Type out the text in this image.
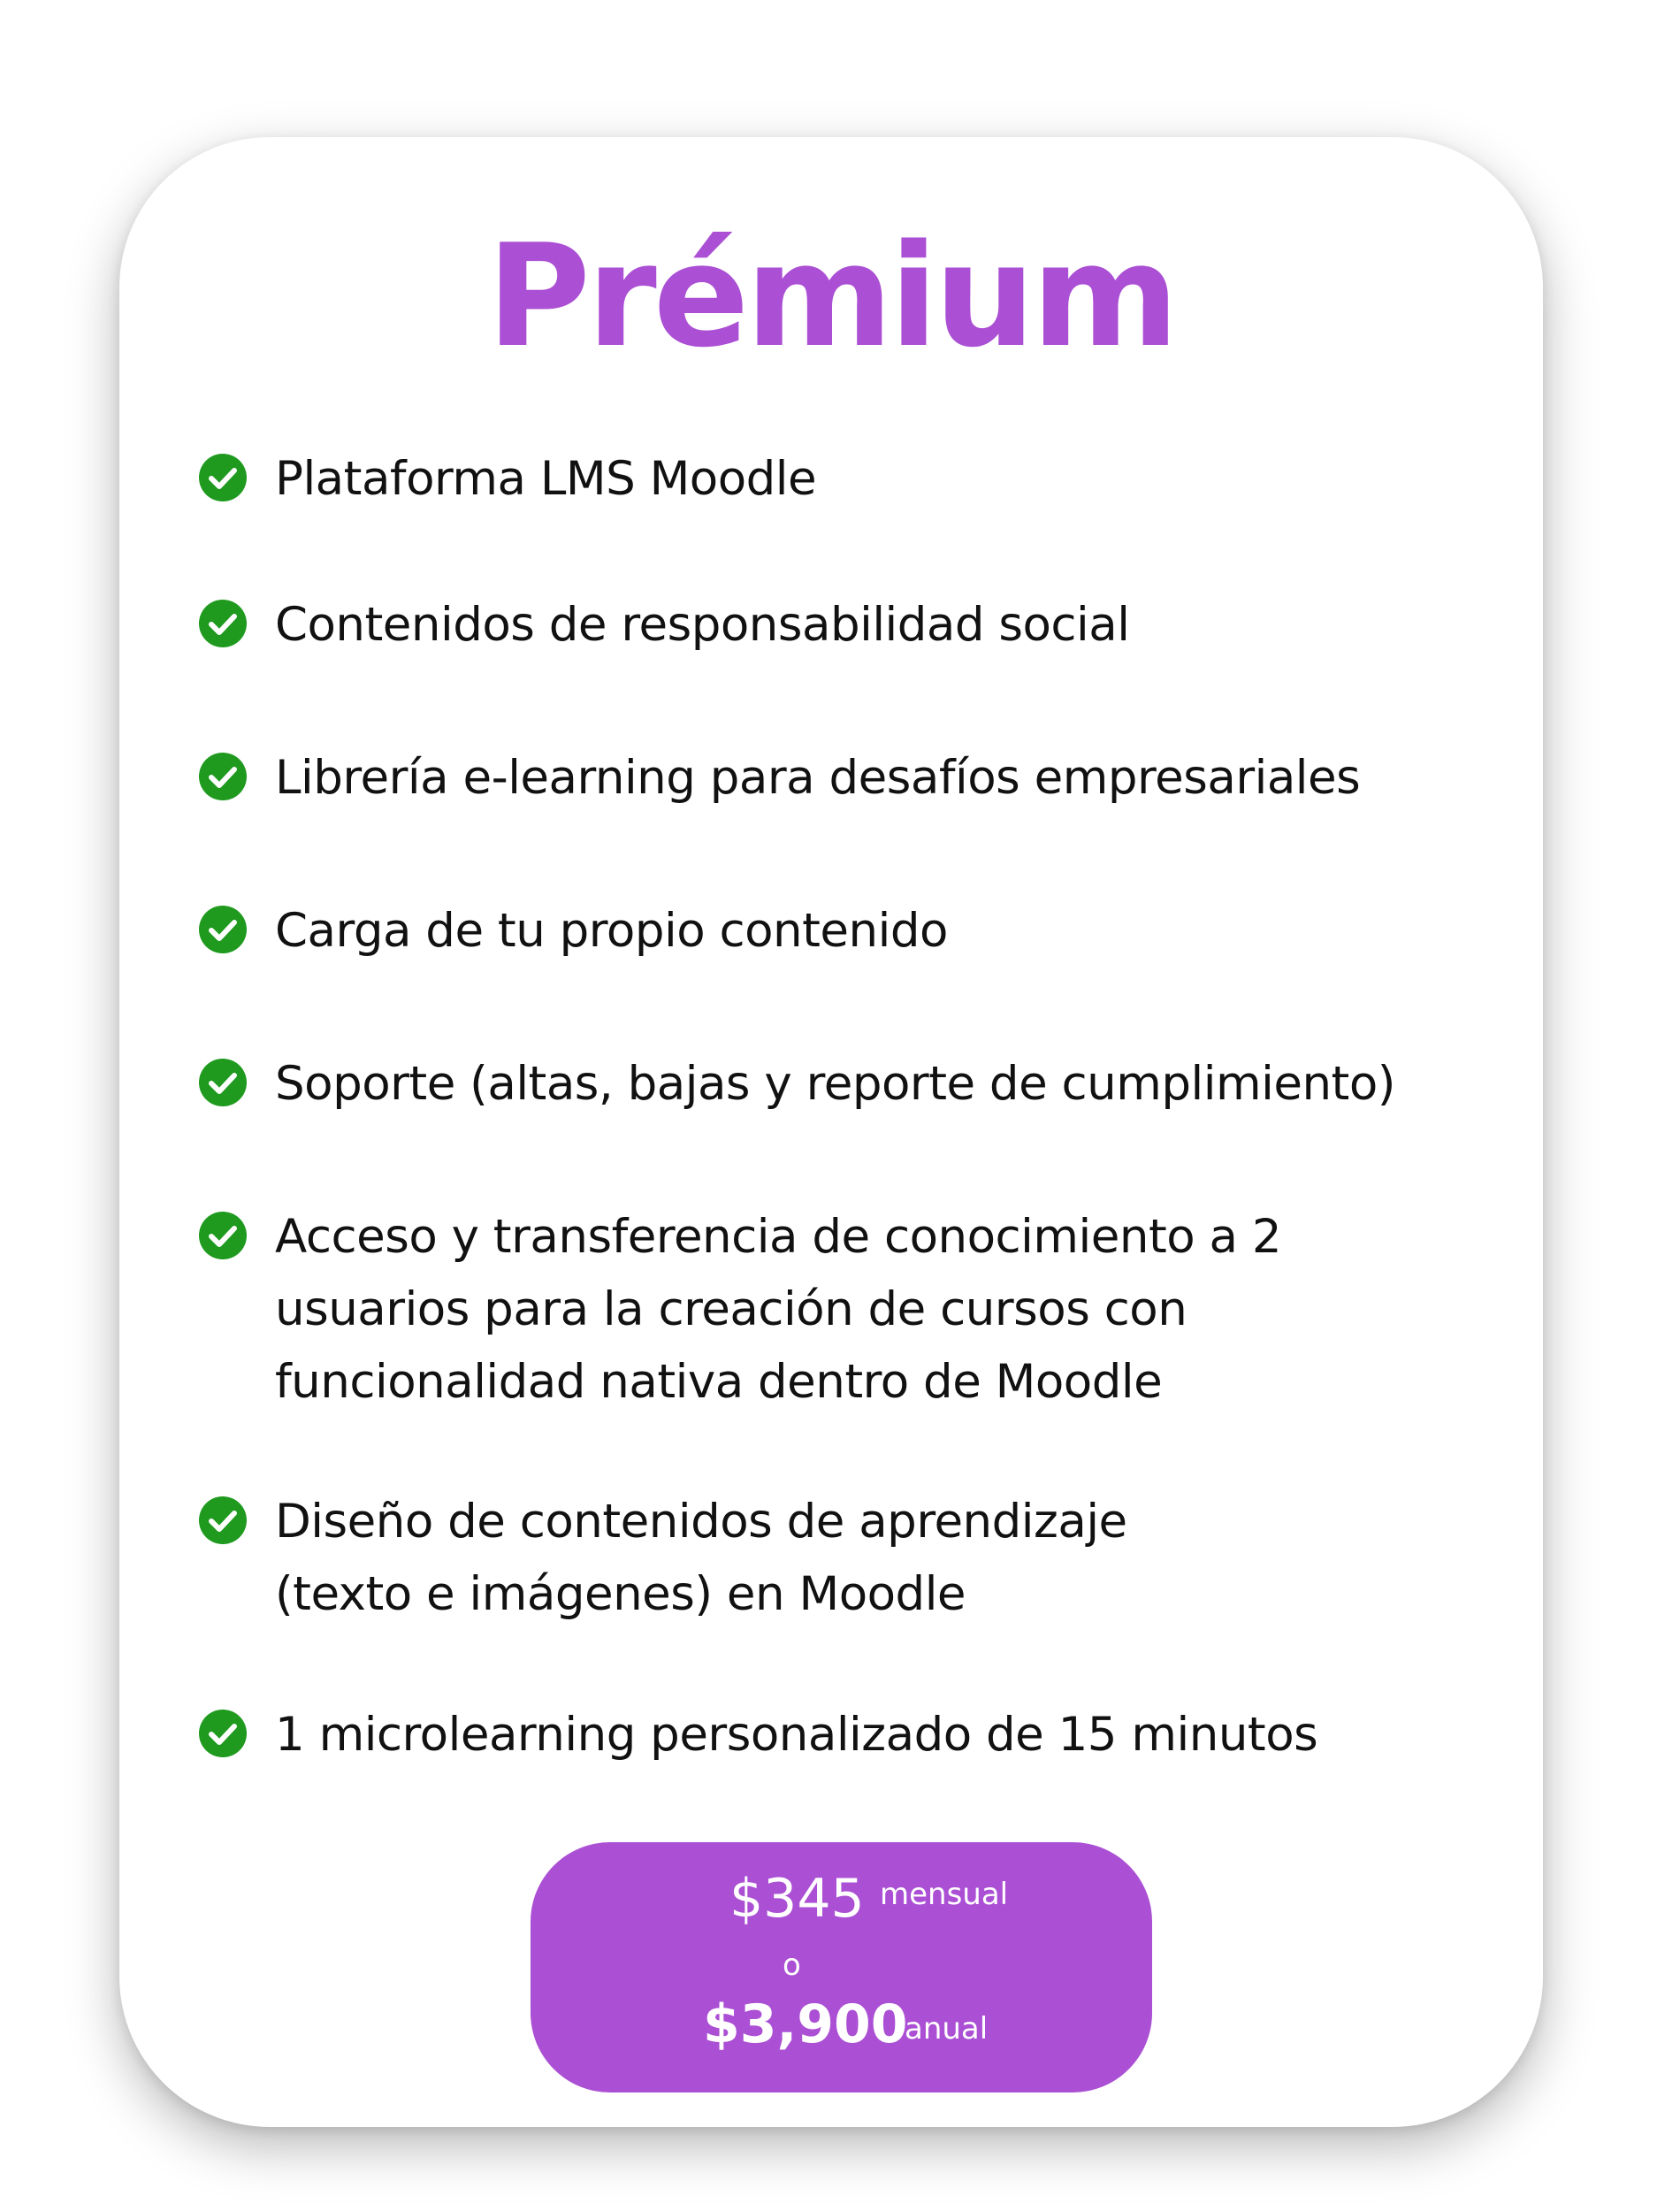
Prémium
Plataforma LMS Moodle
Contenidos de responsabilidad social
Librería e-learning para desafíos empresariales
Carga de tu propio contenido
Soporte (altas, bajas y reporte de cumplimiento)
Acceso y transferencia de conocimiento a 2
usuarios para la creación de cursos con
funcionalidad nativa dentro de Moodle
Diseño de contenidos de aprendizaje
(texto e imágenes) en Moodle
1 microlearning personalizado de 15 minutos
$345 mensual
o
$3,900
anual
